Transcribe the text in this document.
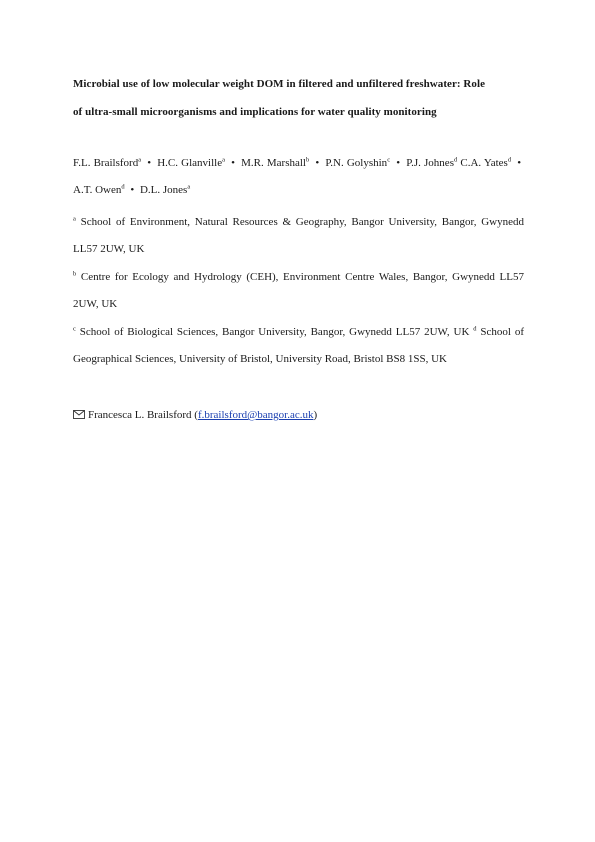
Microbial use of low molecular weight DOM in filtered and unfiltered freshwater: Role
of ultra-small microorganisms and implications for water quality monitoring
F.L. Brailsford$^a$ • H.C. Glanville$^a$ • M.R. Marshall$^b$ • P.N. Golyshin$^c$ • P.J. Johnes$^d$ C.A. Yates$^d$ • A.T. Owen$^d$ • D.L. Jones$^a$
$^a$ School of Environment, Natural Resources & Geography, Bangor University, Bangor, Gwynedd LL57 2UW, UK
$^b$ Centre for Ecology and Hydrology (CEH), Environment Centre Wales, Bangor, Gwynedd LL57 2UW, UK
$^c$ School of Biological Sciences, Bangor University, Bangor, Gwynedd LL57 2UW, UK $^d$ School of Geographical Sciences, University of Bristol, University Road, Bristol BS8 1SS, UK
Francesca L. Brailsford (f.brailsford@bangor.ac.uk)
